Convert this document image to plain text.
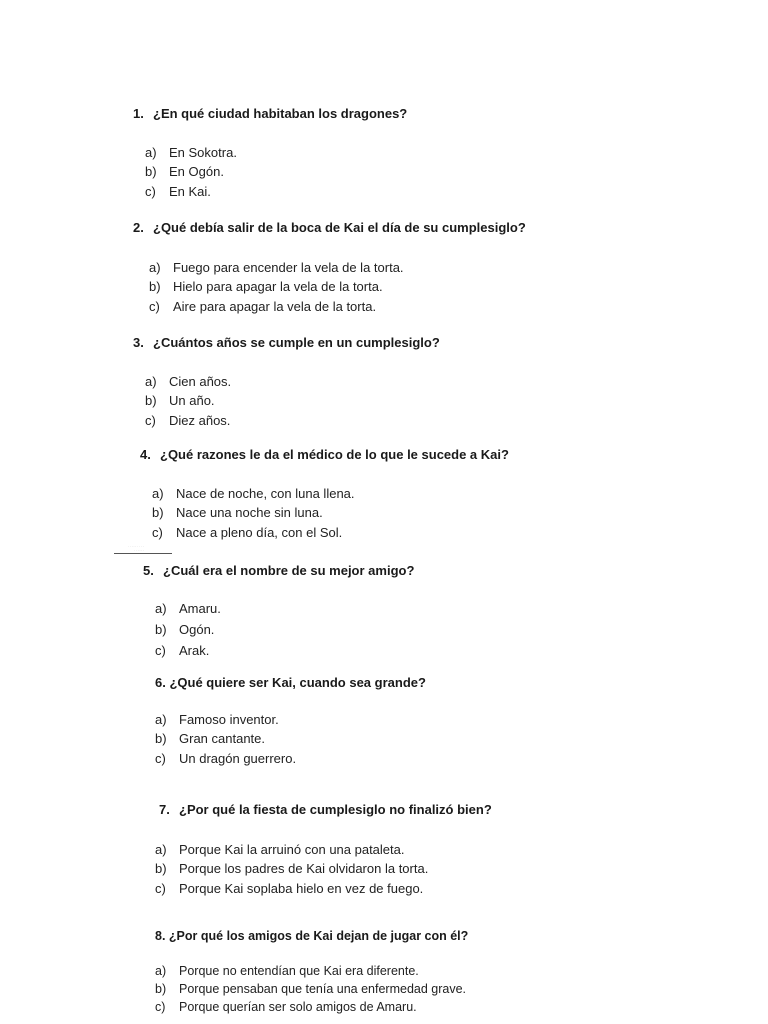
1. ¿En qué ciudad habitaban los dragones?

a) En Sokotra.
b) En Ogón.
c) En Kai.

2. ¿Qué debía salir de la boca de Kai el día de su cumplesiglo?

a) Fuego para encender la vela de la torta.
b) Hielo para apagar la vela de la torta.
c) Aire para apagar la vela de la torta.

3. ¿Cuántos años se cumple en un cumplesiglo?

a) Cien años.
b) Un año.
c) Diez años.

4. ¿Qué razones le da el médico de lo que le sucede a Kai?

a) Nace de noche, con luna llena.
b) Nace una noche sin luna.
c) Nace a pleno día, con el Sol.
· · · · · · · · ·
· · · · · ·

5. ¿Cuál era el nombre de su mejor amigo?

a) Amaru.
b) Ogón.
c) Arak.

6. ¿Qué quiere ser Kai, cuando sea grande?

a) Famoso inventor.
b) Gran cantante.
c) Un dragón guerrero.

7. ¿Por qué la fiesta de cumplesiglo no finalizó bien?

a) Porque Kai la arruinó con una pataleta.
b) Porque los padres de Kai olvidaron la torta.
c) Porque Kai soplaba hielo en vez de fuego.

8. ¿Por qué los amigos de Kai dejan de jugar con él?

a) Porque no entendían que Kai era diferente.
b) Porque pensaban que tenía una enfermedad grave.
c) Porque querían ser solo amigos de Amaru.
